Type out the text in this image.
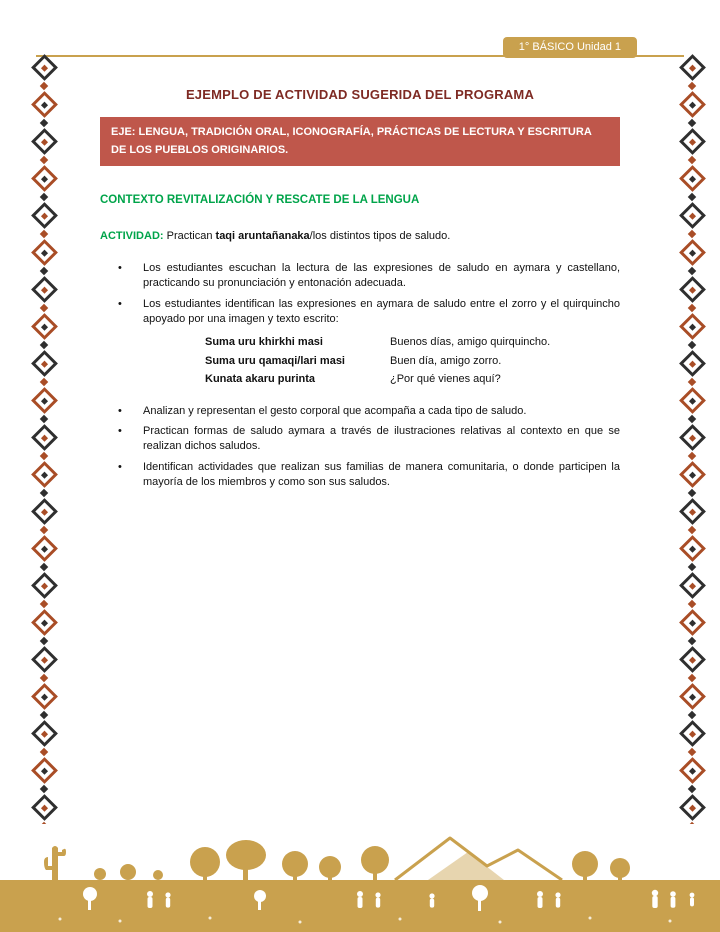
1° BÁSICO Unidad 1
EJEMPLO DE ACTIVIDAD SUGERIDA DEL PROGRAMA
EJE: LENGUA, TRADICIÓN ORAL, ICONOGRAFÍA, PRÁCTICAS DE LECTURA Y ESCRITURA DE LOS PUEBLOS ORIGINARIOS.
CONTEXTO REVITALIZACIÓN Y RESCATE DE LA LENGUA
ACTIVIDAD: Practican taqi aruntañanaka/los distintos tipos de saludo.
•	Los estudiantes escuchan la lectura de las expresiones de saludo en aymara y castellano, practicando su pronunciación y entonación adecuada.
•	Los estudiantes identifican las expresiones en aymara de saludo entre el zorro y el quirquincho apoyado por una imagen y texto escrito:
Suma uru khirkhi masi	Buenos días, amigo quirquincho.
Suma uru qamaqi/lari masi	Buen día, amigo zorro.
Kunata akaru purinta	¿Por qué vienes aquí?
•	Analizan y representan el gesto corporal que acompaña a cada tipo de saludo.
•	Practican formas de saludo aymara a través de ilustraciones relativas al contexto en que se realizan dichos saludos.
•	Identifican actividades que realizan sus familias de manera comunitaria, o donde participen la mayoría de los miembros y como son sus saludos.
